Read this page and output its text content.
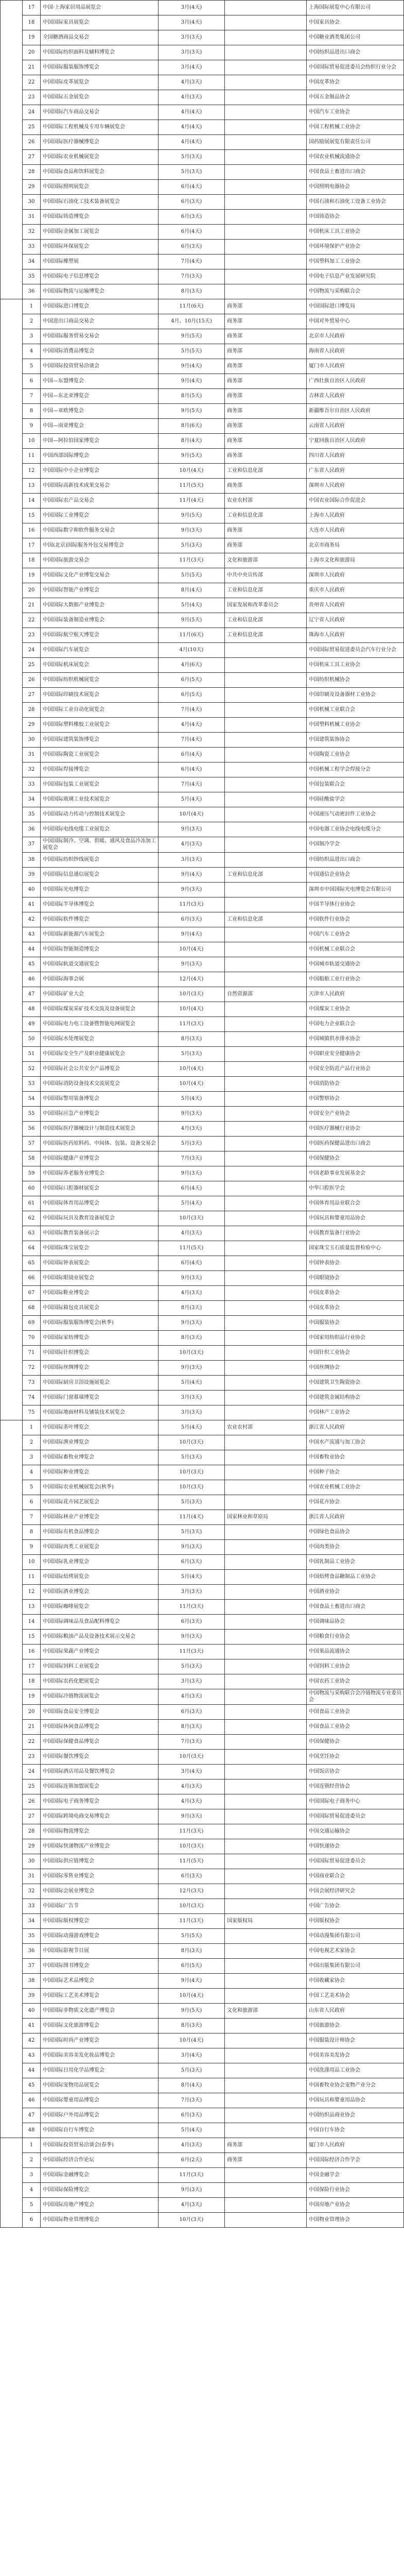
	17	中国·上海家居用品展览会	3月(4天)		上海国际展览中心有限公司
	18	中国国际家具展览会	3月(4天)		中国家具协会
	19	全国糖酒商品交易会	3月(3天)		中国糖业酒类集团公司
	20	中国国际纺织面料及辅料博览会	3月(3天)		中国纺织品进出口商会
	21	中国国际服装服饰博览会	3月(4天)		中国国际贸易促进委员会纺织行业分会
	22	中国国际皮革展览会	4月(3天)		中国皮革协会
	23	中国国际五金展览会	4月(3天)		中国五金制品协会
	24	中国国际汽车商品交易会	4月(4天)		中国汽车工业协会
	25	中国国际工程机械及专用车辆展览会	4月(4天)		中国工程机械工业协会
	26	中国国际医疗器械博览会	4月(4天)		国药励展展览有限责任公司
	27	中国国际农业机械展览会	5月(3天)		中国农业机械流通协会
	28	中国国际食品和饮料展览会	5月(3天)		中国食品土畜进出口商会
	29	中国国际照明展览会	6月(4天)		中国照明电器协会
	30	中国国际石油化工技术装备展览会	6月(3天)		中国石油和石油化工设备工业协会
	31	中国国际铸造博览会	6月(3天)		中国铸造协会
	32	中国国际金属加工展览会	6月(4天)		中国机床工具工业协会
	33	中国国际环保展览会	6月(3天)		中国环境保护产业协会
	34	中国国际橡塑展	7月(4天)		中国塑料加工工业协会
	35	中国国际电子信息博览会	7月(3天)		中国电子信息产业发展研究院
	36	中国国际物流与运输博览会	8月(3天)		中国物流与采购联合会
	1	中国国际进口博览会	11月(6天)	商务部	中国国际进口博览局
	2	中国进出口商品交易会	4月、10月(15天)	商务部	中国对外贸易中心
	3	中国国际服务贸易交易会	9月(5天)	商务部	北京市人民政府
	4	中国国际消费品博览会	5月(5天)	商务部	海南省人民政府
	5	中国国际投资贸易洽谈会	9月(4天)	商务部	厦门市人民政府
	6	中国—东盟博览会	9月(4天)	商务部	广西壮族自治区人民政府
	7	中国—东北亚博览会	8月(5天)	商务部	吉林省人民政府
	8	中国—亚欧博览会	9月(5天)	商务部	新疆维吾尔自治区人民政府
	9	中国—南亚博览会	8月(6天)	商务部	云南省人民政府
	10	中国—阿拉伯国家博览会	8月(4天)	商务部	宁夏回族自治区人民政府
	11	中国西部国际博览会	9月(5天)	商务部	四川省人民政府
	12	中国国际中小企业博览会	10月(4天)	工业和信息化部	广东省人民政府
	13	中国国际高新技术成果交易会	11月(5天)	商务部	深圳市人民政府
	14	中国国际农产品交易会	11月(4天)	农业农村部	中国农业国际合作促进会
	15	中国国际工业博览会	9月(5天)	工业和信息化部	上海市人民政府
	16	中国国际数字和软件服务交易会	9月(3天)	商务部	大连市人民政府
	17	中国(北京)国际服务外包交易博览会	5月(3天)	商务部	北京市商务局
	18	中国国际旅游交易会	11月(3天)	文化和旅游部	上海市文化和旅游局
	19	中国国际文化产业博览交易会	5月(5天)	中共中央宣传部	深圳市人民政府
	20	中国国际智能产业博览会	8月(4天)	工业和信息化部	重庆市人民政府
	21	中国国际大数据产业博览会	5月(4天)	国家发展和改革委员会	贵州省人民政府
	22	中国国际装备制造业博览会	9月(5天)	工业和信息化部	辽宁省人民政府
	23	中国国际航空航天博览会	11月(6天)	工业和信息化部	珠海市人民政府
	24	中国国际汽车展览会	4月(10天)		中国国际贸易促进委员会汽车行业分会
	25	中国国际机床展览会	4月(6天)		中国机床工具工业协会
	26	中国国际纺织机械展览会	6月(5天)		中国纺织机械协会
	27	中国国际印刷技术展览会	6月(5天)		中国印刷及设备器材工业协会
	28	中国国际工业自动化展览会	7月(4天)		中国机械工业联合会
	29	中国国际塑料橡胶工业展览会	4月(4天)		中国塑料机械工业协会
	30	中国国际建筑装饰博览会	7月(4天)		中国建筑装饰协会
	31	中国国际陶瓷工业展览会	6月(4天)		中国陶瓷工业协会
	32	中国国际焊接博览会	6月(4天)		中国机械工程学会焊接分会
	33	中国国际包装工业展览会	7月(4天)		中国包装联合会
	34	中国国际玻璃工业技术展览会	5月(4天)		中国硅酸盐学会
	35	中国国际动力传动与控制技术展览会	10月(4天)		中国液压气动密封件工业协会
	36	中国国际电线电缆工业展览会	9月(3天)		中国电器工业协会电线电缆分会
	37	中国国际制冷、空调、供暖、通风及食品冷冻加工展览会	4月(3天)		中国制冷学会
	38	中国国际纺织纱线展览会	3月(3天)		中国纺织品进出口商会
	39	中国国际信息通信展览会	9月(4天)	工业和信息化部	中国通信企业协会
	40	中国国际光电博览会	9月(3天)		深圳市中国国际光电博览会有限公司
	41	中国国际半导体博览会	11月(3天)		中国半导体行业协会
	42	中国国际软件博览会	6月(3天)	工业和信息化部	中国软件行业协会
	43	中国国际新能源汽车展览会	9月(4天)		中国汽车工业协会
	44	中国国际智能制造博览会	10月(4天)		中国机械工业联合会
	45	中国国际轨道交通展览会	9月(3天)		中国城市轨道交通协会
	46	中国国际海事会展	12月(4天)		中国船舶工业行业协会
	47	中国国际矿业大会	10月(3天)	自然资源部	天津市人民政府
	48	中国国际煤炭采矿技术交流及设备展览会	10月(4天)		中国煤炭工业协会
	49	中国国际电力电工设备暨智能电网展览会	11月(3天)		中国电力企业联合会
	50	中国国际水处理展览会	8月(3天)		中国城镇供水排水协会
	51	中国国际安全生产及职业健康展览会	5月(3天)		中国职业安全健康协会
	52	中国国际社会公共安全产品博览会	10月(4天)		中国安全防范产品行业协会
	53	中国国际消防设备技术交流展览会	10月(4天)		中国消防协会
	54	中国国际警用装备博览会	5月(4天)		中国警察协会
	55	中国国际应急产业博览会	9月(3天)		中国安全产业协会
	56	中国国际医疗器械设计与制造技术展览会	4月(3天)		中国医疗器械行业协会
	57	中国国际医药原料药、中间体、包装、设备交易会	5月(3天)		中国医药保健品进出口商会
	58	中国国际健康产业博览会	7月(3天)		中国保健协会
	59	中国国际养老服务业博览会	9月(3天)		中国老龄事业发展基金会
	60	中国国际口腔器材展览会	6月(4天)		中华口腔医学会
	61	中国国际体育用品博览会	5月(4天)		中国体育用品业联合会
	62	中国国际玩具及教育设备展览会	10月(3天)		中国玩具和婴童用品协会
	63	中国国际教育装备展示会	4月(3天)		中国教育装备行业协会
	64	中国国际珠宝展览会	11月(5天)		国家珠宝玉石质量监督检验中心
	65	中国国际钟表展览会	6月(4天)		中国钟表协会
	66	中国国际眼镜业展览会	9月(3天)		中国眼镜协会
	67	中国国际鞋业博览会	4月(3天)		中国皮革协会
	68	中国国际箱包皮具展览会	8月(3天)		中国皮革协会
	69	中国国际服装服饰博览会(秋季)	9月(3天)		中国服装协会
	70	中国国际家纺博览会	8月(3天)		中国家用纺织品行业协会
	71	中国国际针织博览会	10月(3天)		中国针织工业协会
	72	中国国际丝绸博览会	9月(3天)		中国丝绸协会
	73	中国国际厨房卫浴设施展览会	5月(4天)		中国建筑卫生陶瓷协会
	74	中国国际门窗幕墙博览会	3月(3天)		中国建筑金属结构协会
	75	中国国际地面材料及铺装技术展览会	3月(3天)		中国林产工业协会
	1	中国国际茶叶博览会	5月(4天)	农业农村部	浙江省人民政府
	2	中国国际渔业博览会	10月(3天)		中国水产流通与加工协会
	3	中国国际畜牧业博览会	5月(3天)		中国畜牧业协会
	4	中国国际种业博览会	10月(3天)		中国种子协会
	5	中国国际农业机械展览会(秋季)	10月(3天)		中国农业机械工业协会
	6	中国国际花卉园艺展览会	5月(3天)		中国花卉协会
	7	中国国际林业产业博览会	11月(4天)	国家林业和草原局	浙江省人民政府
	8	中国国际有机食品博览会	5月(3天)		中国绿色食品协会
	9	中国国际肉类工业展览会	9月(3天)		中国肉类协会
	10	中国国际乳业博览会	6月(3天)		中国乳制品工业协会
	11	中国国际焙烤展览会	5月(4天)		中国焙烤食品糖制品工业协会
	12	中国国际酒业博览会	3月(3天)		中国酒业协会
	13	中国国际咖啡展览会	11月(3天)		中国食品土畜进出口商会
	14	中国国际调味品及食品配料博览会	6月(3天)		中国调味品协会
	15	中国国际粮油产品及设备技术展示交易会	9月(3天)		中国粮食行业协会
	16	中国国际果蔬产业博览会	11月(3天)		中国果品流通协会
	17	中国国际饲料工业展览会	5月(3天)		中国饲料工业协会
	18	中国国际农药化肥展览会	3月(3天)		中国农药工业协会
	19	中国国际冷链物流展览会	4月(3天)		中国物流与采购联合会冷链物流专业委员会
	20	中国国际食品安全博览会	6月(3天)		中国食品工业协会
	21	中国国际休闲食品博览会	8月(3天)		中国食品工业协会
	22	中国国际保健食品博览会	7月(3天)		中国保健协会
	23	中国国际餐饮博览会	10月(3天)		中国烹饪协会
	24	中国国际酒店用品及餐饮博览会	3月(4天)		中国饭店协会
	25	中国国际连锁加盟展览会	4月(3天)		中国连锁经营协会
	26	中国国际电子商务博览会	4月(3天)		中国国际电子商务中心
	27	中国国际跨境电商交易博览会	9月(3天)		中国国际贸易促进委员会
	28	中国国际物流博览会	11月(3天)		中国交通运输协会
	29	中国国际快递物流产业博览会	10月(3天)		中国快递协会
	30	中国国际供应链博览会	11月(5天)		中国国际贸易促进委员会
	31	中国国际零售业博览会	6月(3天)		中国商业联合会
	32	中国国际会展业博览会	12月(3天)		中国会展经济研究会
	33	中国国际广告节	10月(3天)		中国广告协会
	34	中国国际版权博览会	11月(3天)	国家版权局	中国版权协会
	35	中国国际动漫游戏博览会	5月(5天)		中国动漫集团有限公司
	36	中国国际影视节目展	8月(3天)		中国电视艺术家协会
	37	中国国际图书博览会	6月(5天)		中国出版集团有限公司
	38	中国国际艺术品博览会	9月(4天)		中国收藏家协会
	39	中国国际工艺美术博览会	10月(4天)		中国工艺美术协会
	40	中国国际非物质文化遗产博览会	9月(5天)	文化和旅游部	山东省人民政府
	41	中国国际文化旅游博览会	8月(3天)		中国旅游协会
	42	中国国际时尚产业博览会	10月(4天)		中国服装设计师协会
	43	中国国际美容美发化妆品博览会	3月(4天)		中国美容美发协会
	44	中国国际日用化学品博览会	5月(3天)		中国洗涤用品工业协会
	45	中国国际宠物用品展览会	8月(4天)		中国畜牧业协会宠物产业分会
	46	中国国际婴童用品博览会	7月(3天)		中国玩具和婴童用品协会
	47	中国国际户外用品博览会	6月(3天)		中国纺织品商业协会
	48	中国国际自行车博览会	5月(4天)		中国自行车协会
	1	中国国际投资贸易洽谈会(春季)	4月(3天)	商务部	厦门市人民政府
	2	中国国际经济合作论坛	6月(2天)	商务部	中国国际经济合作学会
	3	中国国际金融博览会	11月(3天)		中国金融学会
	4	中国国际保险博览会	9月(3天)		中国保险行业协会
	5	中国国际房地产博览会	4月(3天)		中国房地产业协会
	6	中国国际物业管理博览会	10月(3天)		中国物业管理协会
